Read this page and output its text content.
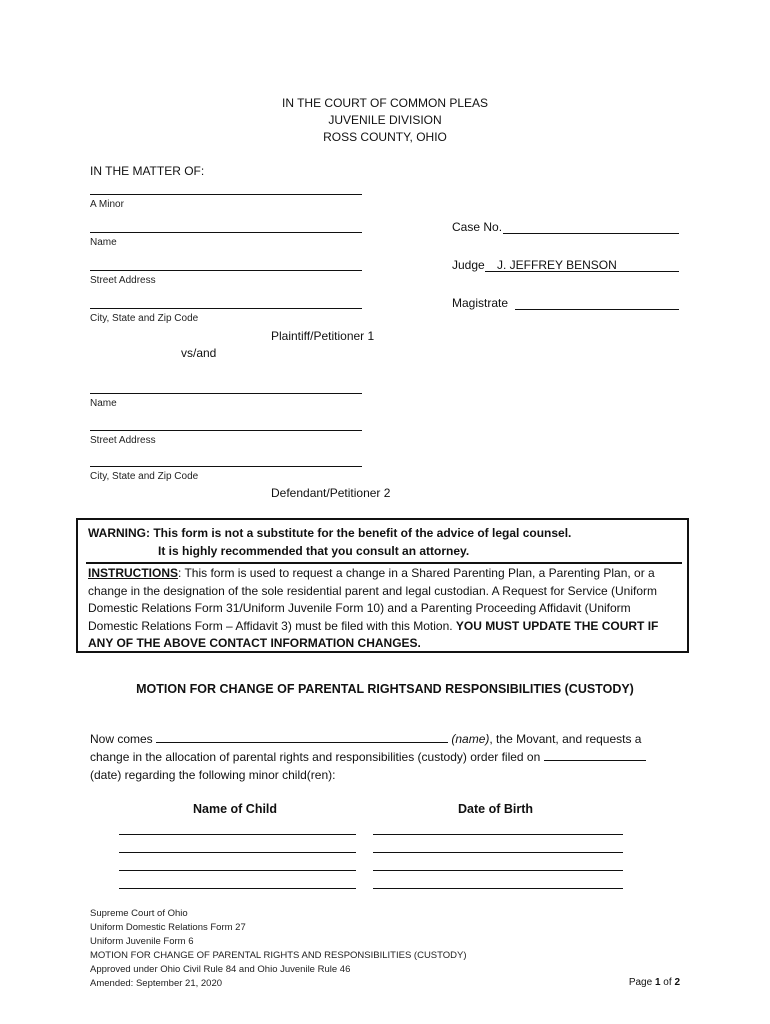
IN THE COURT OF COMMON PLEAS
JUVENILE DIVISION
ROSS COUNTY, OHIO
IN THE MATTER OF:
A Minor
Name
Street Address
City, State and Zip Code
Plaintiff/Petitioner 1
vs/and
Name
Street Address
City, State and Zip Code
Defendant/Petitioner 2
Case No.
Judge J. JEFFREY BENSON
Magistrate
WARNING: This form is not a substitute for the benefit of the advice of legal counsel.
It is highly recommended that you consult an attorney.
INSTRUCTIONS: This form is used to request a change in a Shared Parenting Plan, a Parenting Plan, or a change in the designation of the sole residential parent and legal custodian. A Request for Service (Uniform Domestic Relations Form 31/Uniform Juvenile Form 10) and a Parenting Proceeding Affidavit (Uniform Domestic Relations Form – Affidavit 3) must be filed with this Motion. YOU MUST UPDATE THE COURT IF ANY OF THE ABOVE CONTACT INFORMATION CHANGES.
MOTION FOR CHANGE OF PARENTAL RIGHTSAND RESPONSIBILITIES (CUSTODY)
Now comes	(name), the Movant, and requests a change in the allocation of parental rights and responsibilities (custody) order filed on  (date) regarding the following minor child(ren):
Name of Child	Date of Birth
Supreme Court of Ohio
Uniform Domestic Relations Form 27
Uniform Juvenile Form 6
MOTION FOR CHANGE OF PARENTAL RIGHTS AND RESPONSIBILITIES (CUSTODY)
Approved under Ohio Civil Rule 84 and Ohio Juvenile Rule 46
Amended: September 21, 2020	Page 1 of 2
